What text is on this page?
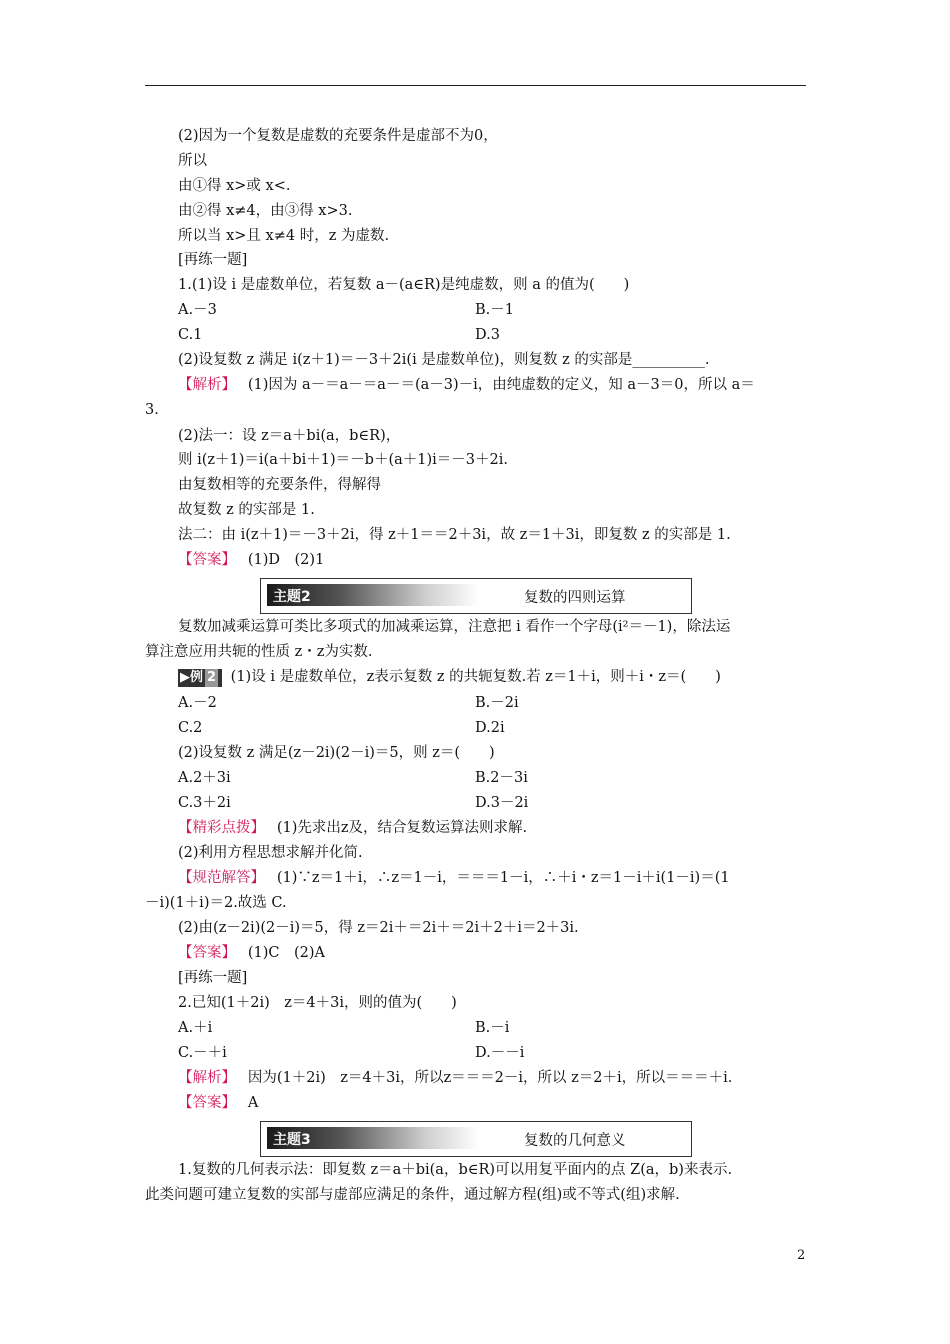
(2)因为一个复数是虚数的充要条件是虚部不为0，
所以
由①得 x>或 x<.
由②得 x≠4，由③得 x>3.
所以当 x>且 x≠4 时，z 为虚数.
[再练一题]
1.(1)设 i 是虚数单位，若复数 a－(a∈R)是纯虚数，则 a 的值为(　　)
A.－3	B.－1
C.1	D.3
(2)设复数 z 满足 i(z＋1)＝－3＋2i(i 是虚数单位)，则复数 z 的实部是__________.
【解析】　 (1)因为 a－＝a－＝a－＝(a－3)－i，由纯虚数的定义，知 a－3＝0，所以 a＝
3.
(2)法一：设 z＝a＋bi(a，b∈R)，
则 i(z＋1)＝i(a＋bi＋1)＝－b＋(a＋1)i＝－3＋2i.
由复数相等的充要条件，得解得
故复数 z 的实部是 1.
法二：由 i(z＋1)＝－3＋2i，得 z＋1＝＝2＋3i，故 z＝1＋3i，即复数 z 的实部是 1.
【答案】　 (1)D　(2)1
主题2	复数的四则运算
复数加减乘运算可类比多项式的加减乘运算，注意把 i 看作一个字母(i²＝－1)，除法运
算注意应用共轭的性质 z・z为实数.
▶例 2 (1)设 i 是虚数单位，z表示复数 z 的共轭复数.若 z＝1＋i，则＋i・z＝(　　)
A.－2	B.－2i
C.2	D.2i
(2)设复数 z 满足(z－2i)(2－i)＝5，则 z＝(　　)
A.2＋3i	B.2－3i
C.3＋2i	D.3－2i
【精彩点拨】　 (1)先求出z及，结合复数运算法则求解.
(2)利用方程思想求解并化简.
【规范解答】　 (1)∵z＝1＋i，∴z＝1－i，＝＝＝1－i，∴＋i・z＝1－i＋i(1－i)＝(1
－i)(1＋i)＝2.故选 C.
(2)由(z－2i)(2－i)＝5，得 z＝2i＋＝2i＋＝2i＋2＋i＝2＋3i.
【答案】　 (1)C　(2)A
[再练一题]
2.已知(1＋2i)　z＝4＋3i，则的值为(　　)
A.＋i	B.－i
C.－＋i	D.－－i
【解析】　 因为(1＋2i)　z＝4＋3i，所以z＝＝＝2－i，所以 z＝2＋i，所以＝＝＝＋i.
【答案】　 A
主题3	复数的几何意义
1.复数的几何表示法：即复数 z＝a＋bi(a，b∈R)可以用复平面内的点 Z(a，b)来表示.
此类问题可建立复数的实部与虚部应满足的条件，通过解方程(组)或不等式(组)求解.
2
